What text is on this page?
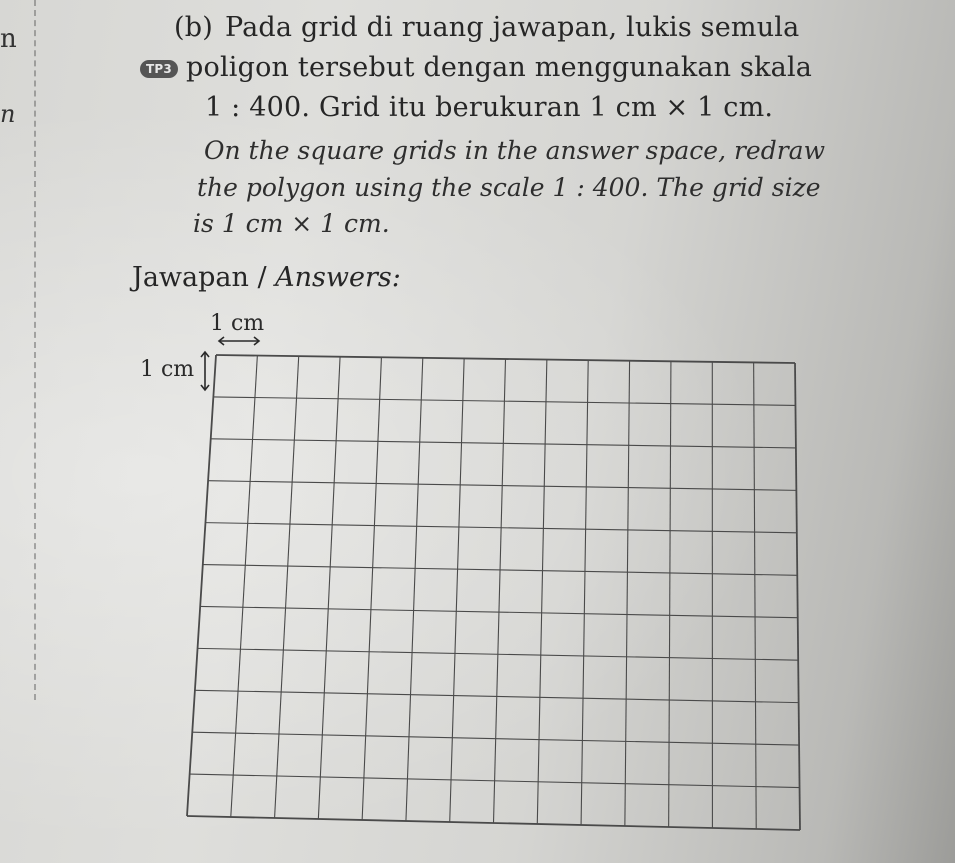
n
n
(b) Pada grid di ruang jawapan, lukis semula
TP3 poligon tersebut dengan menggunakan skala
1 : 400. Grid itu berukuran 1 cm × 1 cm.
On the square grids in the answer space, redraw
the polygon using the scale 1 : 400. The grid size
is 1 cm × 1 cm.
Jawapan / Answers:
1 cm
1 cm
